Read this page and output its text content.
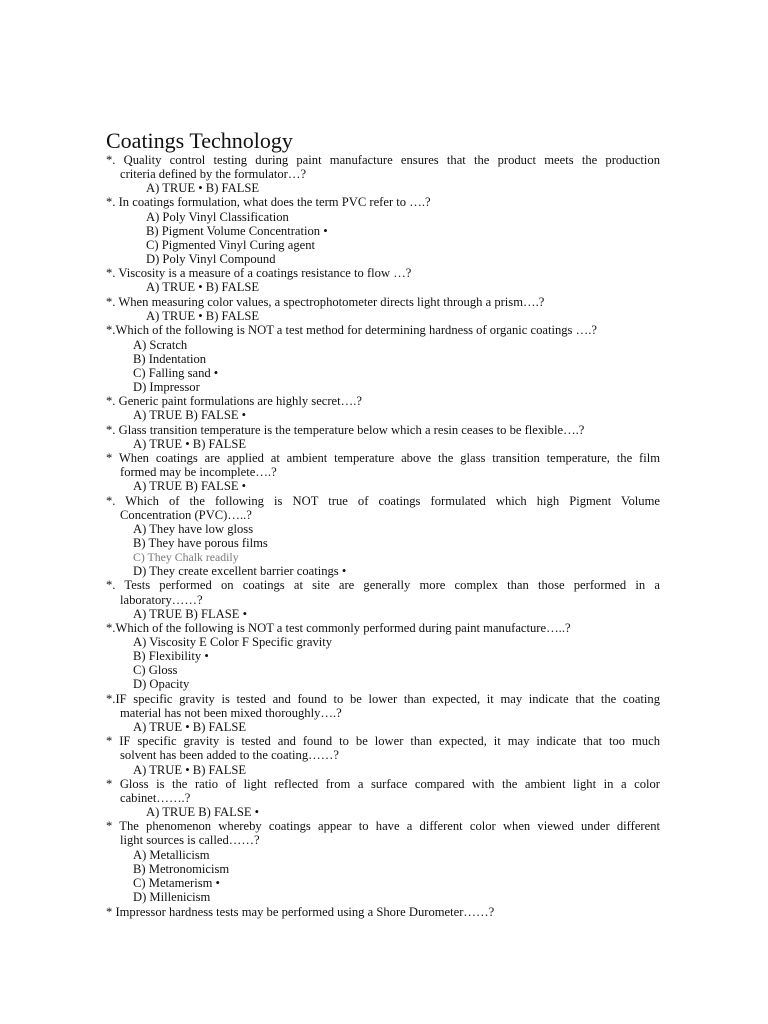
Coatings Technology

*. Quality control testing during paint manufacture ensures that the product meets the production

criteria defined by the formulator…?

A) TRUE • B) FALSE

*. In coatings formulation, what does the term PVC refer to ….?

A) Poly Vinyl Classification

B) Pigment Volume Concentration •

C) Pigmented Vinyl Curing agent

D) Poly Vinyl Compound

*. Viscosity is a measure of a coatings resistance to flow …?

A) TRUE • B) FALSE

*. When measuring color values, a spectrophotometer directs light through a prism….?

A) TRUE • B) FALSE

*.Which of the following is NOT a test method for determining hardness of organic coatings ….?

A) Scratch

B) Indentation

C) Falling sand •

D) Impressor

*. Generic paint formulations are highly secret….?

A) TRUE B) FALSE •

*. Glass transition temperature is the temperature below which a resin ceases to be flexible….?

A) TRUE • B) FALSE

* When coatings are applied at ambient temperature above the glass transition temperature, the film

formed may be incomplete….?

A) TRUE B) FALSE •

*. Which of the following is NOT true of coatings formulated which high Pigment Volume

Concentration (PVC)…..?

A) They have low gloss

B) They have porous films

C) They Chalk readily

D) They create excellent barrier coatings •

*. Tests performed on coatings at site are generally more complex than those performed in a

laboratory……?

A) TRUE B) FLASE •

*.Which of the following is NOT a test commonly performed during paint manufacture…..?

A) Viscosity E Color F Specific gravity

B) Flexibility •

C) Gloss

D) Opacity

*.IF specific gravity is tested and found to be lower than expected, it may indicate that the coating

material has not been mixed thoroughly….?

A) TRUE • B) FALSE

* IF specific gravity is tested and found to be lower than expected, it may indicate that too much

solvent has been added to the coating……?

A) TRUE • B) FALSE

* Gloss is the ratio of light reflected from a surface compared with the ambient light in a color

cabinet…….?

A) TRUE B) FALSE •

* The phenomenon whereby coatings appear to have a different color when viewed under different

light sources is called……?

A) Metallicism

B) Metronomicism

C) Metamerism •

D) Millenicism

* Impressor hardness tests may be performed using a Shore Durometer……?
